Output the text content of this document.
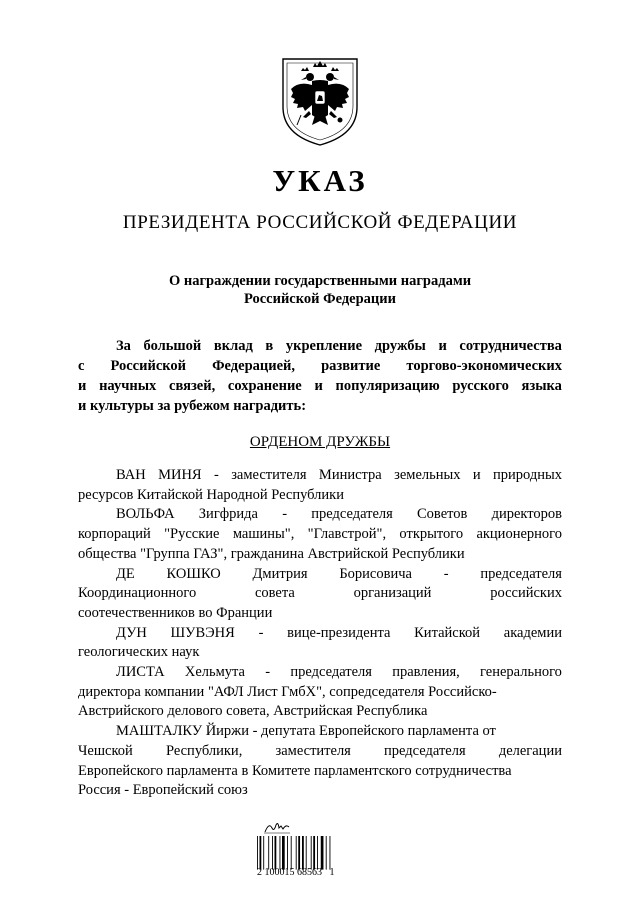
УКАЗ
ПРЕЗИДЕНТА РОССИЙСКОЙ ФЕДЕРАЦИИ
О награждении государственными наградами
Российской Федерации
За большой вклад в укрепление дружбы и сотрудничества
с Российской Федерацией, развитие торгово-экономических
и научных связей, сохранение и популяризацию русского языка
и культуры за рубежом наградить:
ОРДЕНОМ ДРУЖБЫ
ВАН МИНЯ - заместителя Министра земельных и природных
ресурсов Китайской Народной Республики
ВОЛЬФА Зигфрида - председателя Советов директоров
корпораций "Русские машины", "Главстрой", открытого акционерного
общества "Группа ГАЗ", гражданина Австрийской Республики
ДЕ КОШКО Дмитрия Борисовича - председателя
Координационного	совета	организаций	российских
соотечественников во Франции
ДУН ШУВЭНЯ - вице-президента Китайской академии
геологических наук
ЛИСТА Хельмута - председателя правления, генерального
директора компании "АФЛ Лист ГмбХ", сопредседателя Российско-
Австрийского делового совета, Австрийская Республика
МАШТАЛКУ Йиржи - депутата Европейского парламента от
Чешской Республики, заместителя председателя делегации
Европейского парламента в Комитете парламентского сотрудничества
Россия - Европейский союз
2 100015 68563   1
